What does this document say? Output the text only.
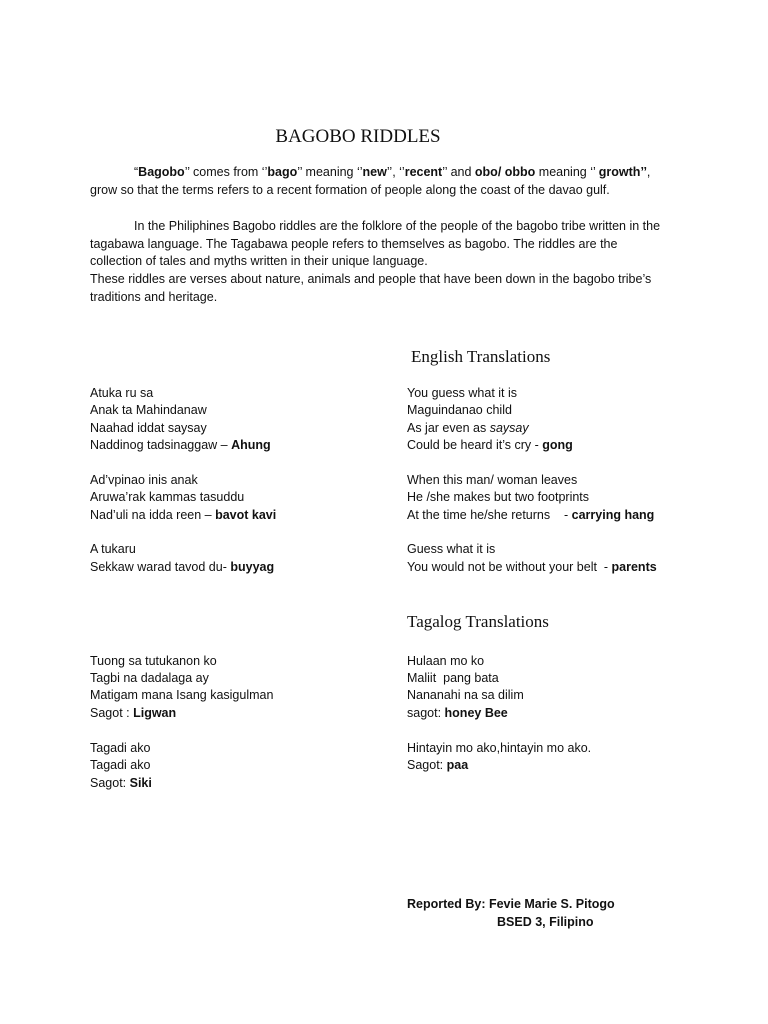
BAGOBO RIDDLES
“Bagobo’’ comes from ‘’bago’’ meaning ‘’new’’, ‘’recent’’ and obo/ obbo meaning ‘’ growth’’, grow so that the terms refers to a recent formation of people along the coast of the davao gulf.
In the Philiphines Bagobo riddles are the folklore of the people of the bagobo tribe written in the tagabawa language. The Tagabawa people refers to themselves as bagobo. The riddles are the collection of tales and myths written in their unique language.
These riddles are verses about nature, animals and people that have been down in the bagobo tribe’s traditions and heritage.
English Translations
Atuka ru sa
Anak ta Mahindanaw
Naahad iddat saysay
Naddinog tadsinaggaw – Ahung
Ad’vpinao inis anak
Aruwa’rak kammas tasuddu
Nad’uli na idda reen – bavot kavi
A tukaru
Sekkaw warad tavod du- buyyag
You guess what it is
Maguindanao child
As jar even as saysay
Could be heard it’s cry - gong
When this man/ woman leaves
He /she makes but two footprints
At the time he/she returns    - carrying hang
Guess what it is
You would not be without your belt  - parents
Tagalog Translations
Tuong sa tutukanon ko
Tagbi na dadalaga ay
Matigam mana Isang kasigulman
Sagot : Ligwan
Tagadi ako
Tagadi ako
Sagot: Siki
Hulaan mo ko
Maliit  pang bata
Nananahi na sa dilim
sagot: honey Bee
Hintayin mo ako,hintayin mo ako.
Sagot: paa
Reported By: Fevie Marie S. Pitogo
BSED 3, Filipino
